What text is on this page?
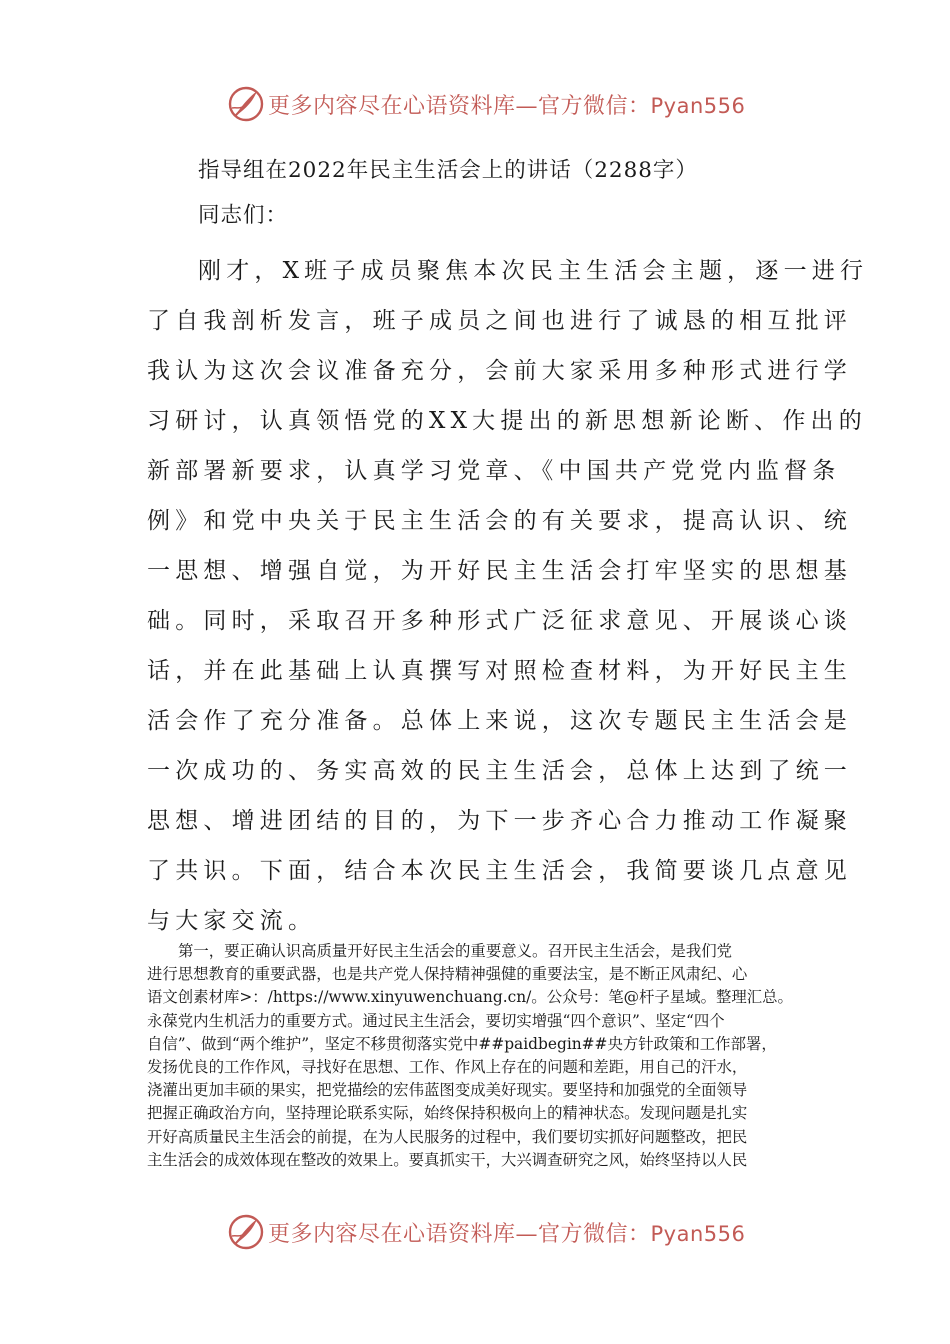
更多内容尽在心语资料库—官方微信：Pyan556
指导组在2022年民主生活会上的讲话（2288字）
同志们：
刚才，X班子成员聚焦本次民主生活会主题，逐一进行
了自我剖析发言，班子成员之间也进行了诚恳的相互批评
我认为这次会议准备充分，会前大家采用多种形式进行学
习研讨，认真领悟党的XX大提出的新思想新论断、作出的
新部署新要求，认真学习党章、《中国共产党党内监督条
例》和党中央关于民主生活会的有关要求，提高认识、统
一思想、增强自觉，为开好民主生活会打牢坚实的思想基
础。同时，采取召开多种形式广泛征求意见、开展谈心谈
话，并在此基础上认真撰写对照检查材料，为开好民主生
活会作了充分准备。总体上来说，这次专题民主生活会是
一次成功的、务实高效的民主生活会，总体上达到了统一
思想、增进团结的目的，为下一步齐心合力推动工作凝聚
了共识。下面，结合本次民主生活会，我简要谈几点意见
与大家交流。
第一，要正确认识高质量开好民主生活会的重要意义。召开民主生活会，是我们党
进行思想教育的重要武器，也是共产党人保持精神强健的重要法宝，是不断正风肃纪、心
语文创素材库>：/https://www.xinyuwenchuang.cn/。公众号：笔@杆子星域。整理汇总。
永葆党内生机活力的重要方式。通过民主生活会，要切实增强“四个意识”、坚定“四个
自信”、做到“两个维护”，坚定不移贯彻落实党中##paidbegin##央方针政策和工作部署，
发扬优良的工作作风，寻找好在思想、工作、作风上存在的问题和差距，用自己的汗水，
浇灌出更加丰硕的果实，把党描绘的宏伟蓝图变成美好现实。要坚持和加强党的全面领导
把握正确政治方向，坚持理论联系实际，始终保持积极向上的精神状态。发现问题是扎实
开好高质量民主生活会的前提，在为人民服务的过程中，我们要切实抓好问题整改，把民
主生活会的成效体现在整改的效果上。要真抓实干，大兴调查研究之风，始终坚持以人民
更多内容尽在心语资料库—官方微信：Pyan556
